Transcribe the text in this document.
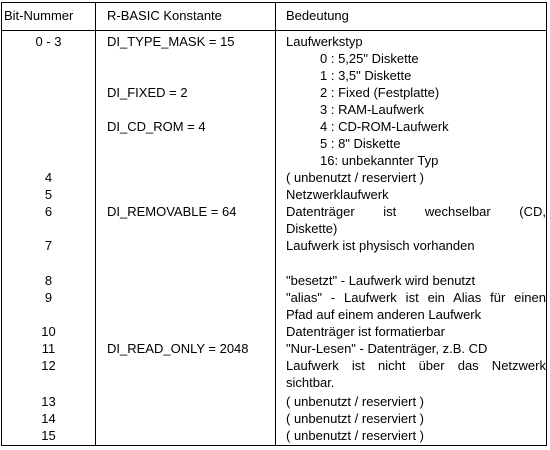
Bit-Nummer	R-BASIC Konstante	Bedeutung
0 - 3	DI_TYPE_MASK = 15	Laufwerkstyp
0 : 5,25" Diskette
1 : 3,5" Diskette
DI_FIXED = 2	2 : Fixed (Festplatte)
3 : RAM-Laufwerk
DI_CD_ROM = 4	4 : CD-ROM-Laufwerk
5 : 8" Diskette
16: unbekannter Typ
4	( unbenutzt / reserviert )
5	Netzwerklaufwerk
6	DI_REMOVABLE = 64	Datenträger ist wechselbar (CD,
Diskette)
7	Laufwerk ist physisch vorhanden
8	"besetzt" - Laufwerk wird benutzt
9	"alias" - Laufwerk ist ein Alias für einen
Pfad auf einem anderen Laufwerk
10	Datenträger ist formatierbar
11	DI_READ_ONLY = 2048	"Nur-Lesen" - Datenträger, z.B. CD
12	Laufwerk ist nicht über das Netzwerk
sichtbar.
13	( unbenutzt / reserviert )
14	( unbenutzt / reserviert )
15	( unbenutzt / reserviert )
